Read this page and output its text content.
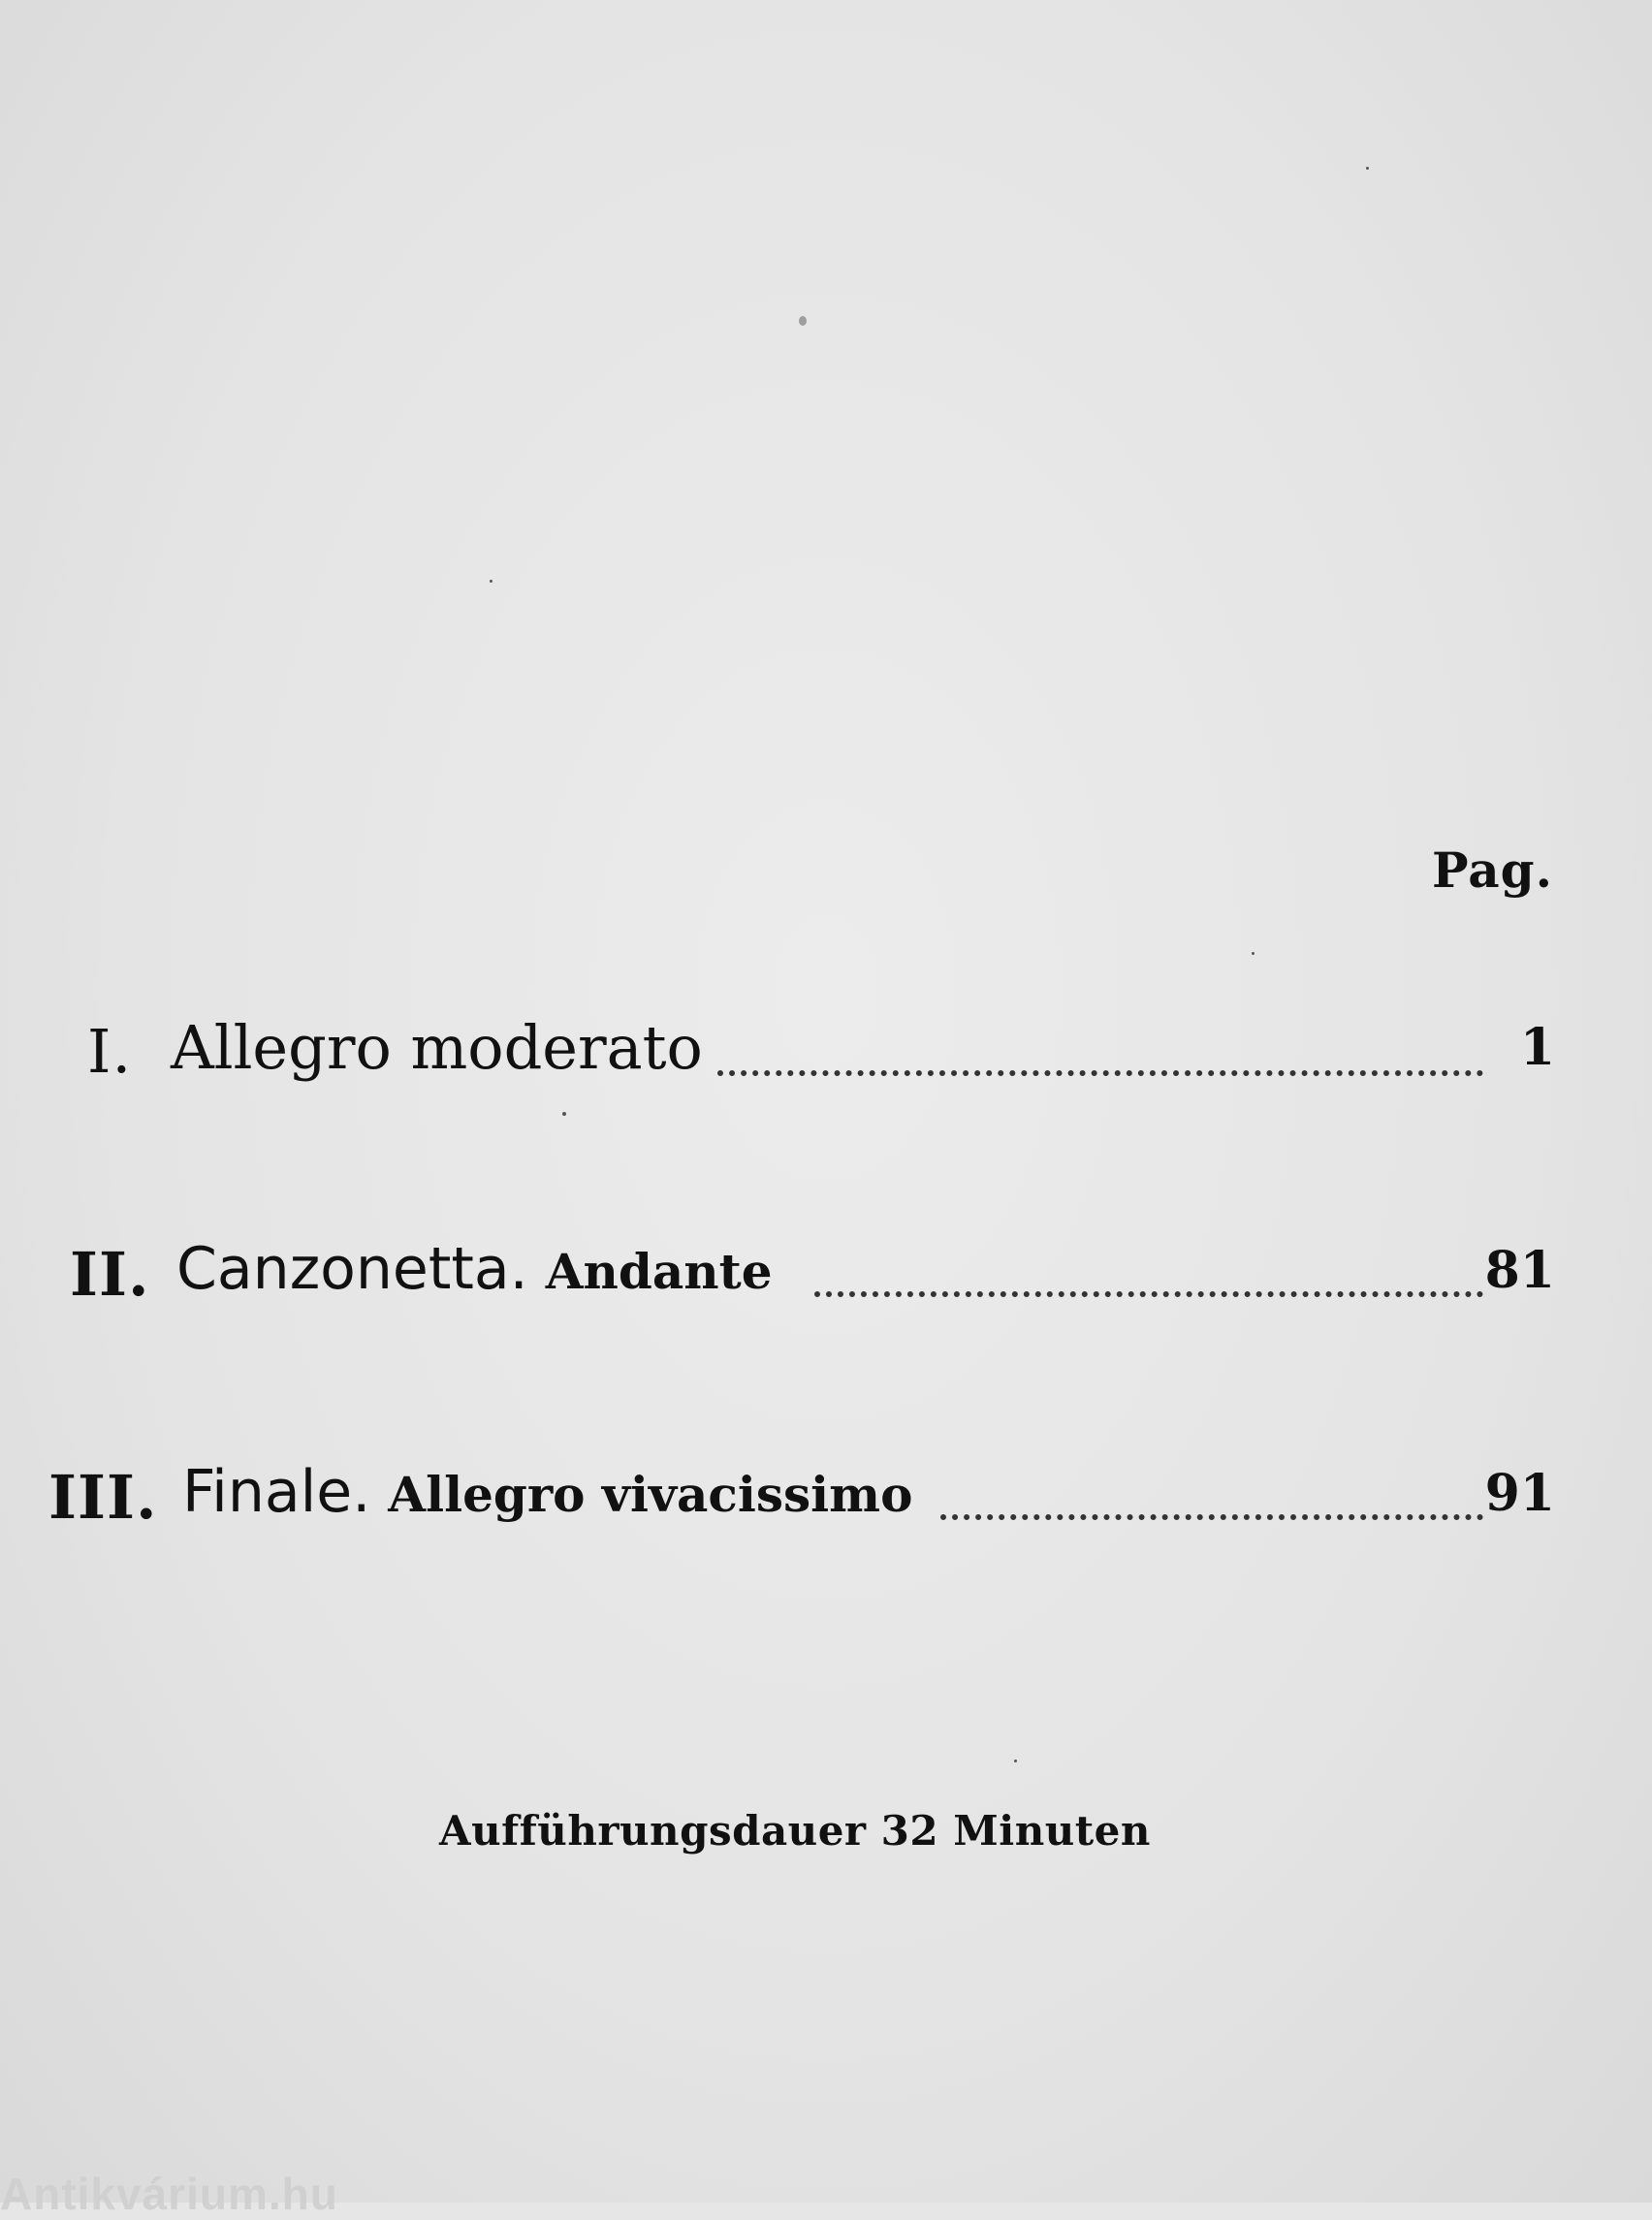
Pag.
I. Allegro moderato	1
II. Canzonetta. Andante	81
III. Finale. Allegro vivacissimo	91
Aufführungsdauer 32 Minuten
Antikvárium.hu
